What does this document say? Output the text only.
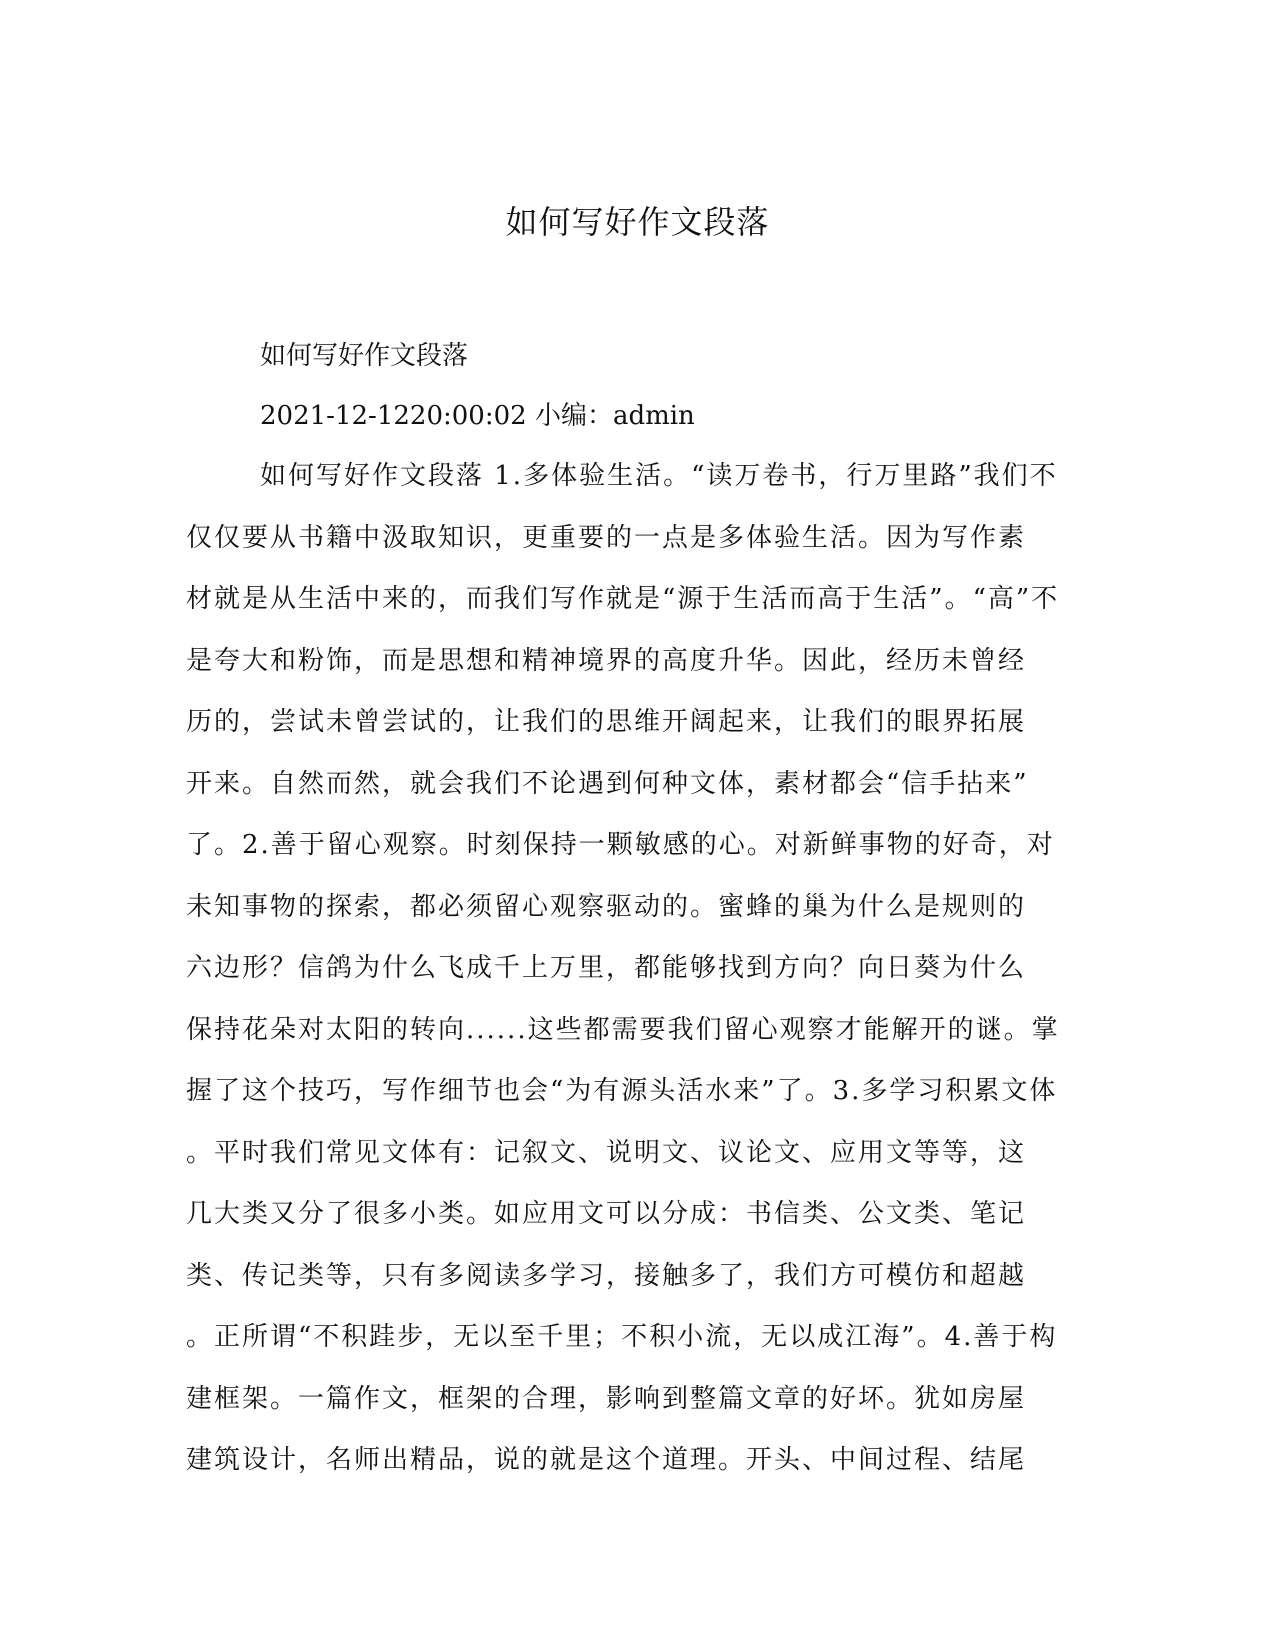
如何写好作文段落

如何写好作文段落

2021-12-1220:00:02 小编：admin

如何写好作文段落 1.多体验生活。“读万卷书，行万里路”我们不

仅仅要从书籍中汲取知识，更重要的一点是多体验生活。因为写作素

材就是从生活中来的，而我们写作就是“源于生活而高于生活”。“高”不

是夸大和粉饰，而是思想和精神境界的高度升华。因此，经历未曾经

历的，尝试未曾尝试的，让我们的思维开阔起来，让我们的眼界拓展

开来。自然而然，就会我们不论遇到何种文体，素材都会“信手拈来”

了。2.善于留心观察。时刻保持一颗敏感的心。对新鲜事物的好奇，对

未知事物的探索，都必须留心观察驱动的。蜜蜂的巢为什么是规则的

六边形？信鸽为什么飞成千上万里，都能够找到方向？向日葵为什么

保持花朵对太阳的转向......这些都需要我们留心观察才能解开的谜。掌

握了这个技巧，写作细节也会“为有源头活水来”了。3.多学习积累文体

。平时我们常见文体有：记叙文、说明文、议论文、应用文等等，这

几大类又分了很多小类。如应用文可以分成：书信类、公文类、笔记

类、传记类等，只有多阅读多学习，接触多了，我们方可模仿和超越

。正所谓“不积跬步，无以至千里；不积小流，无以成江海”。4.善于构

建框架。一篇作文，框架的合理，影响到整篇文章的好坏。犹如房屋

建筑设计，名师出精品，说的就是这个道理。开头、中间过程、结尾
